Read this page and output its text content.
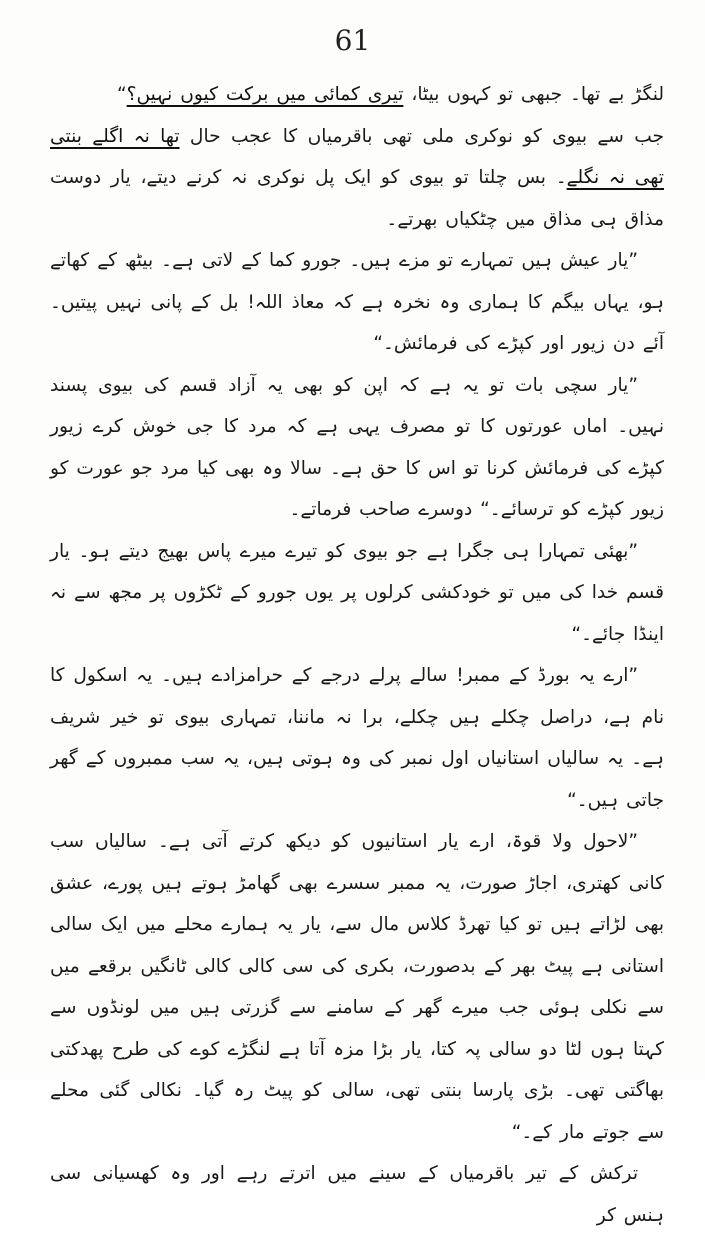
61

لنگڑ بے تھا۔ جبھی تو کہوں بیٹا، تیری کمائی میں برکت کیوں نہیں؟“

جب سے بیوی کو نوکری ملی تھی باقرمیاں کا عجب حال تھا نہ اگلے بنتی تھی نہ نگلے۔ بس چلتا تو بیوی کو ایک پل نوکری نہ کرنے دیتے، یار دوست مذاق ہی مذاق میں چٹکیاں بھرتے۔

”یار عیش ہیں تمہارے تو مزے ہیں۔ جورو کما کے لاتی ہے۔ بیٹھ کے کھاتے ہو، یہاں بیگم کا ہماری وہ نخرہ ہے کہ معاذ اللہ! بل کے پانی نہیں پیتیں۔ آئے دن زیور اور کپڑے کی فرمائش۔“

”یار سچی بات تو یہ ہے کہ اپن کو بھی یہ آزاد قسم کی بیوی پسند نہیں۔ اماں عورتوں کا تو مصرف یہی ہے کہ مرد کا جی خوش کرے زیور کپڑے کی فرمائش کرنا تو اس کا حق ہے۔ سالا وہ بھی کیا مرد جو عورت کو زیور کپڑے کو ترسائے۔“ دوسرے صاحب فرماتے۔

”بھئی تمہارا ہی جگرا ہے جو بیوی کو تیرے میرے پاس بھیج دیتے ہو۔ یار قسم خدا کی میں تو خودکشی کرلوں پر یوں جورو کے ٹکڑوں پر مجھ سے نہ اینڈا جائے۔“

”ارے یہ بورڈ کے ممبر! سالے پرلے درجے کے حرامزادے ہیں۔ یہ اسکول کا نام ہے، دراصل چکلے ہیں چکلے، برا نہ ماننا، تمہاری بیوی تو خیر شریف ہے۔ یہ سالیاں استانیاں اول نمبر کی وہ ہوتی ہیں، یہ سب ممبروں کے گھر جاتی ہیں۔“

”لاحول ولا قوۃ، ارے یار استانیوں کو دیکھ کرتے آتی ہے۔ سالیاں سب کانی کھتری، اجاڑ صورت، یہ ممبر سسرے بھی گھامڑ ہوتے ہیں پورے، عشق بھی لڑاتے ہیں تو کیا تھرڈ کلاس مال سے، یار یہ ہمارے محلے میں ایک سالی استانی ہے پیٹ بھر کے بدصورت، بکری کی سی کالی کالی ٹانگیں برقعے میں سے نکلی ہوئی جب میرے گھر کے سامنے سے گزرتی ہیں میں لونڈوں سے کہتا ہوں لٹا دو سالی پہ کتا، یار بڑا مزہ آتا ہے لنگڑے کوے کی طرح پھدکتی بھاگتی تھی۔ بڑی پارسا بنتی تھی، سالی کو پیٹ رہ گیا۔ نکالی گئی محلے سے جوتے مار کے۔“

ترکش کے تیر باقرمیاں کے سینے میں اترتے رہے اور وہ کھسیانی سی ہنس کر
